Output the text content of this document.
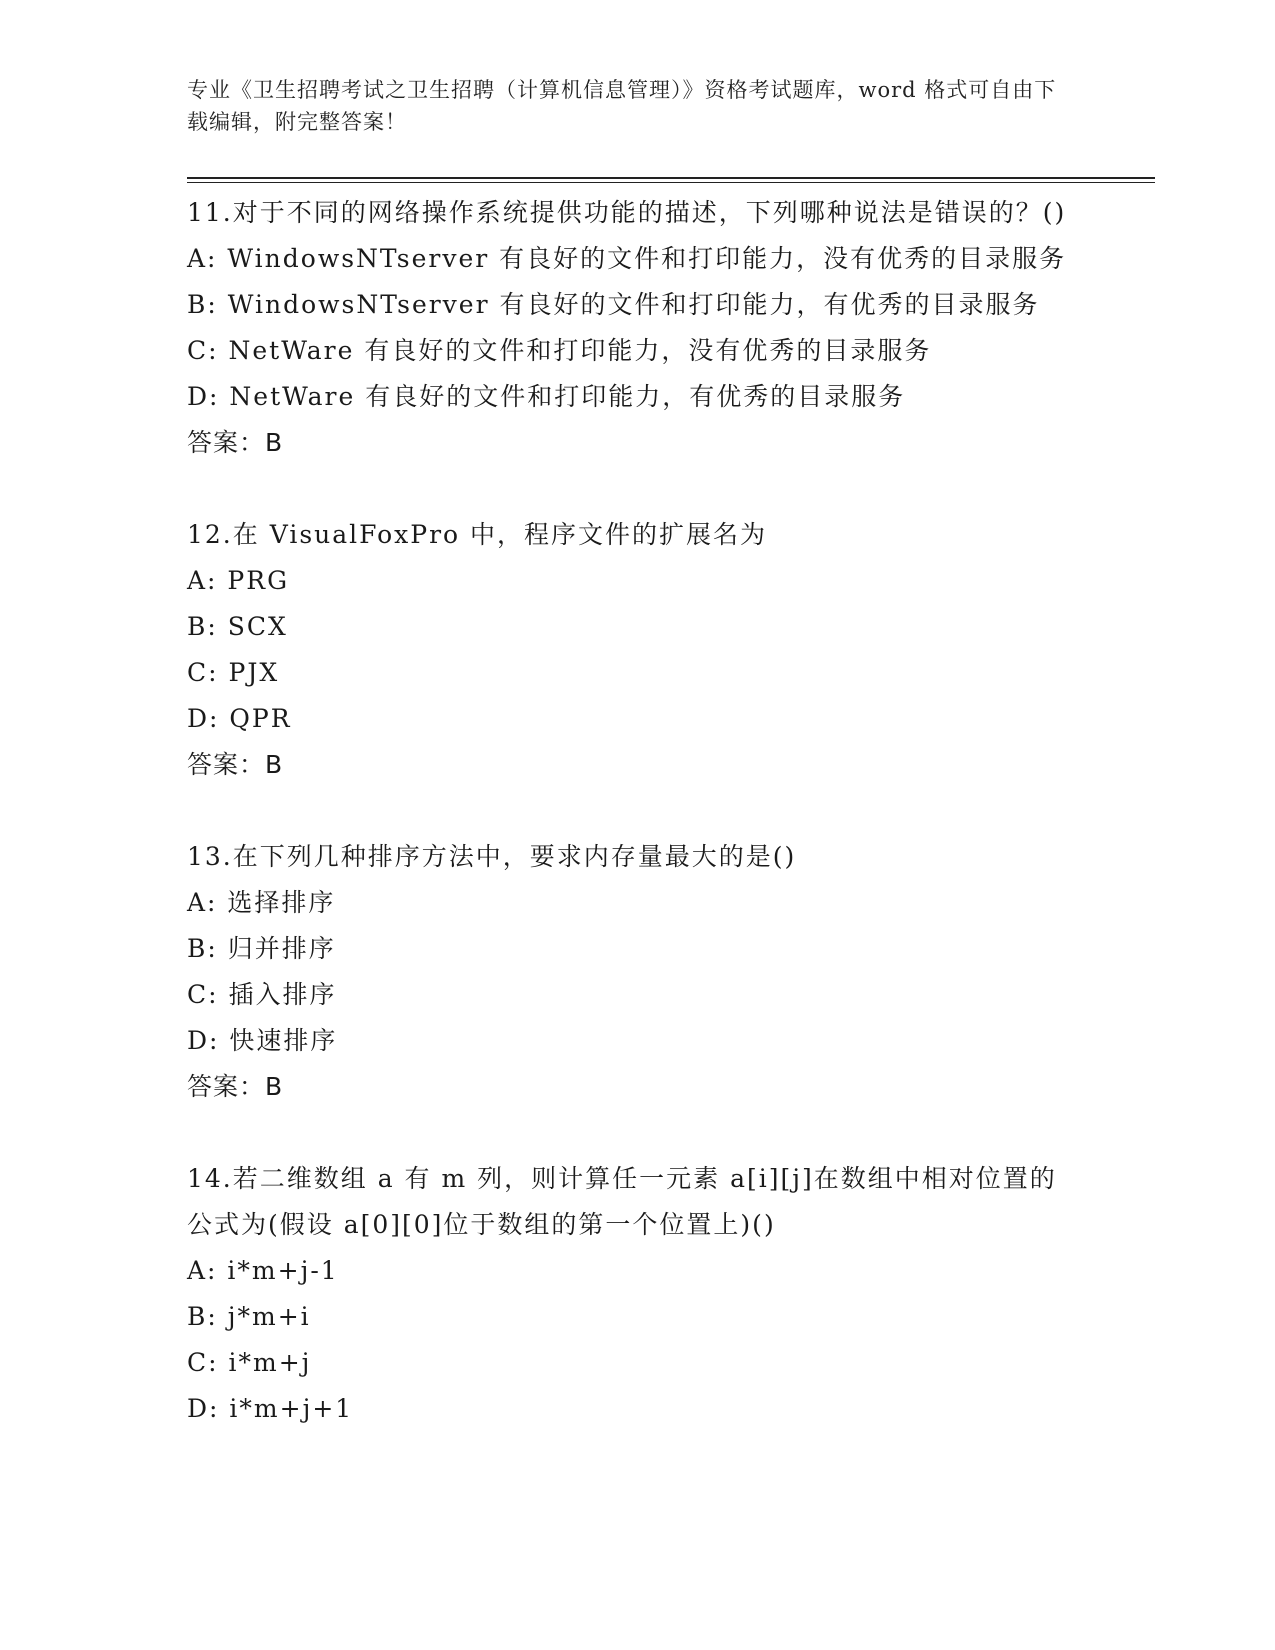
专业《卫生招聘考试之卫生招聘（计算机信息管理）》资格考试题库，word 格式可自由下载编辑，附完整答案！
11.对于不同的网络操作系统提供功能的描述，下列哪种说法是错误的？()
A: WindowsNTserver 有良好的文件和打印能力，没有优秀的目录服务
B: WindowsNTserver 有良好的文件和打印能力，有优秀的目录服务
C: NetWare 有良好的文件和打印能力，没有优秀的目录服务
D: NetWare 有良好的文件和打印能力，有优秀的目录服务
答案：B
12.在 VisualFoxPro 中，程序文件的扩展名为
A: PRG
B: SCX
C: PJX
D: QPR
答案：B
13.在下列几种排序方法中，要求内存量最大的是()
A: 选择排序
B: 归并排序
C: 插入排序
D: 快速排序
答案：B
14.若二维数组 a 有 m 列，则计算任一元素 a[i][j]在数组中相对位置的公式为(假设 a[0][0]位于数组的第一个位置上)()
A: i*m+j-1
B: j*m+i
C: i*m+j
D: i*m+j+1
